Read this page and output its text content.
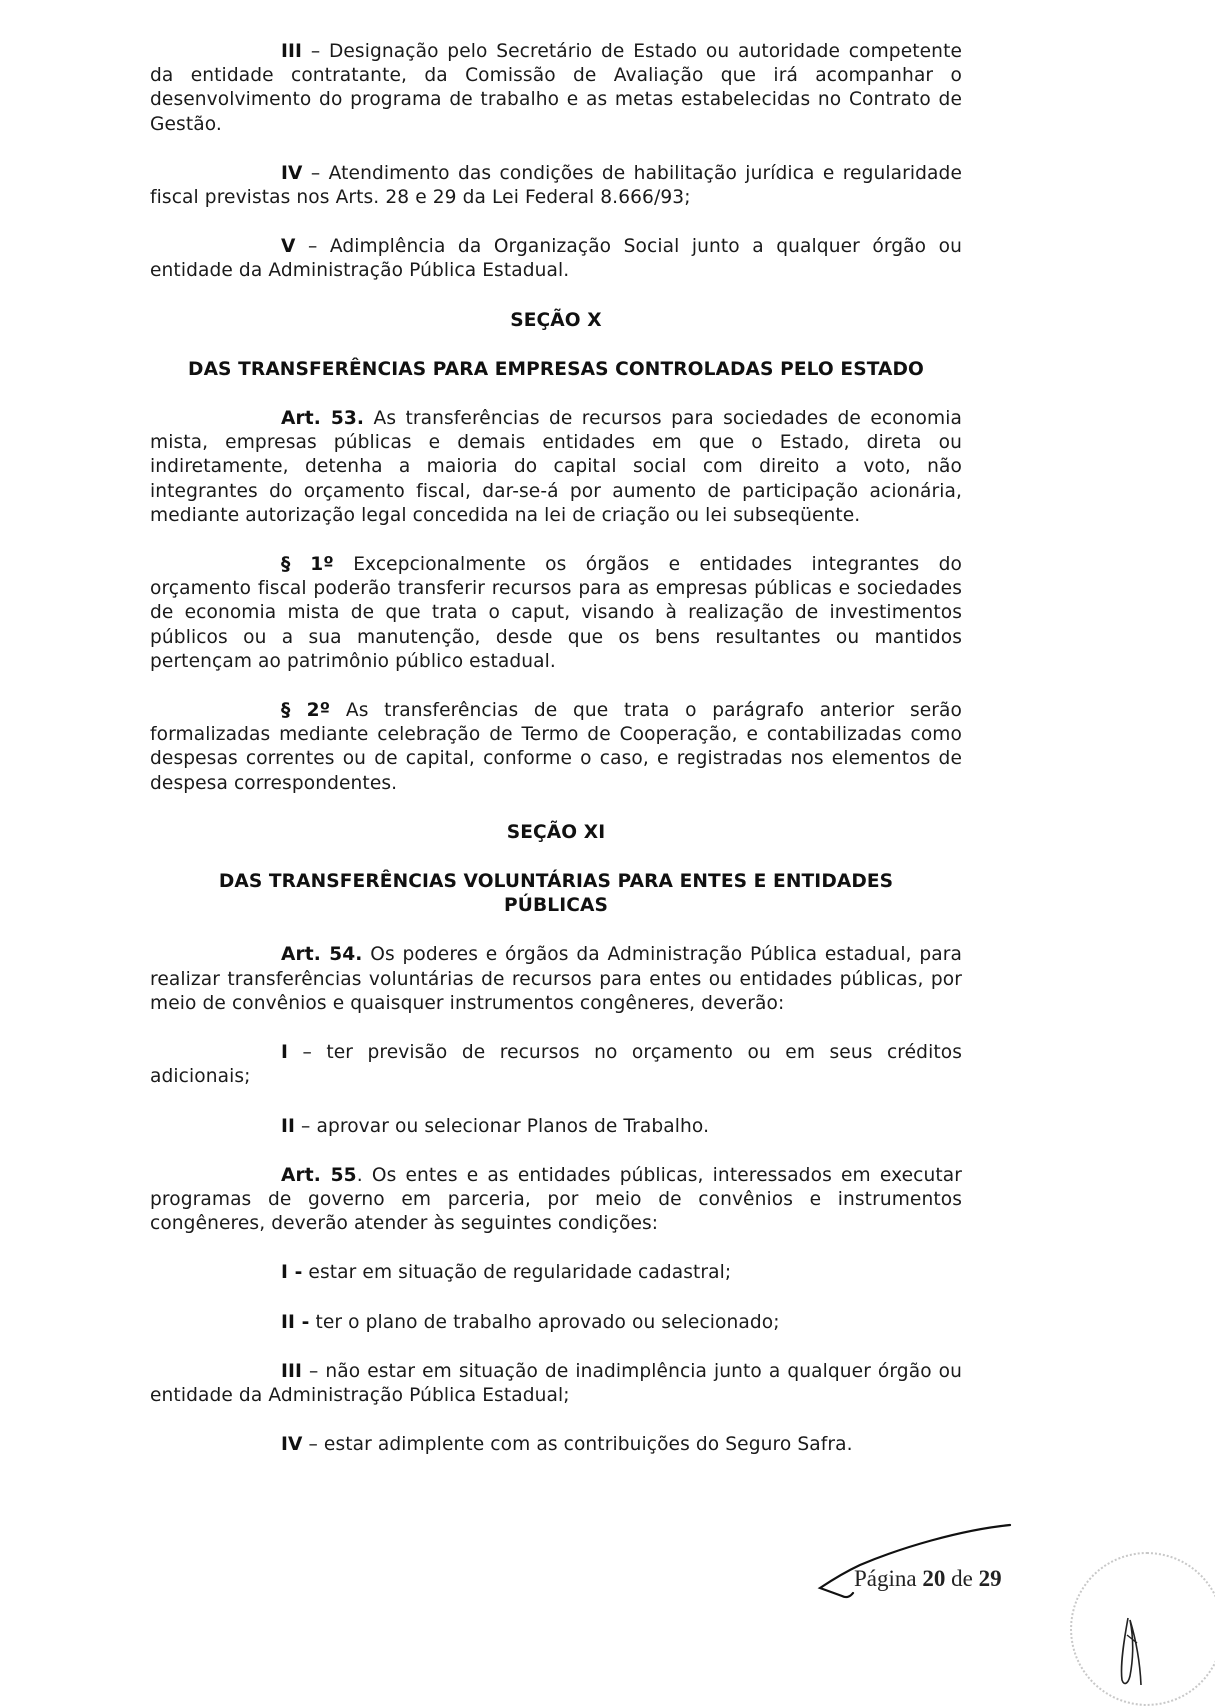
III – Designação pelo Secretário de Estado ou autoridade competente da entidade contratante, da Comissão de Avaliação que irá acompanhar o desenvolvimento do programa de trabalho e as metas estabelecidas no Contrato de Gestão.

IV – Atendimento das condições de habilitação jurídica e regularidade fiscal previstas nos Arts. 28 e 29 da Lei Federal 8.666/93;

V – Adimplência da Organização Social junto a qualquer órgão ou entidade da Administração Pública Estadual.

SEÇÃO X

DAS TRANSFERÊNCIAS PARA EMPRESAS CONTROLADAS PELO ESTADO

Art. 53. As transferências de recursos para sociedades de economia mista, empresas públicas e demais entidades em que o Estado, direta ou indiretamente, detenha a maioria do capital social com direito a voto, não integrantes do orçamento fiscal, dar-se-á por aumento de participação acionária, mediante autorização legal concedida na lei de criação ou lei subseqüente.

§ 1º Excepcionalmente os órgãos e entidades integrantes do orçamento fiscal poderão transferir recursos para as empresas públicas e sociedades de economia mista de que trata o caput, visando à realização de investimentos públicos ou a sua manutenção, desde que os bens resultantes ou mantidos pertençam ao patrimônio público estadual.

§ 2º As transferências de que trata o parágrafo anterior serão formalizadas mediante celebração de Termo de Cooperação, e contabilizadas como despesas correntes ou de capital, conforme o caso, e registradas nos elementos de despesa correspondentes.

SEÇÃO XI

DAS TRANSFERÊNCIAS VOLUNTÁRIAS PARA ENTES E ENTIDADES PÚBLICAS

Art. 54. Os poderes e órgãos da Administração Pública estadual, para realizar transferências voluntárias de recursos para entes ou entidades públicas, por meio de convênios e quaisquer instrumentos congêneres, deverão:

I – ter previsão de recursos no orçamento ou em seus créditos adicionais;

II – aprovar ou selecionar Planos de Trabalho.

Art. 55. Os entes e as entidades públicas, interessados em executar programas de governo em parceria, por meio de convênios e instrumentos congêneres, deverão atender às seguintes condições:

I - estar em situação de regularidade cadastral;

II - ter o plano de trabalho aprovado ou selecionado;

III – não estar em situação de inadimplência junto a qualquer órgão ou entidade da Administração Pública Estadual;

IV – estar adimplente com as contribuições do Seguro Safra.

Página 20 de 29
